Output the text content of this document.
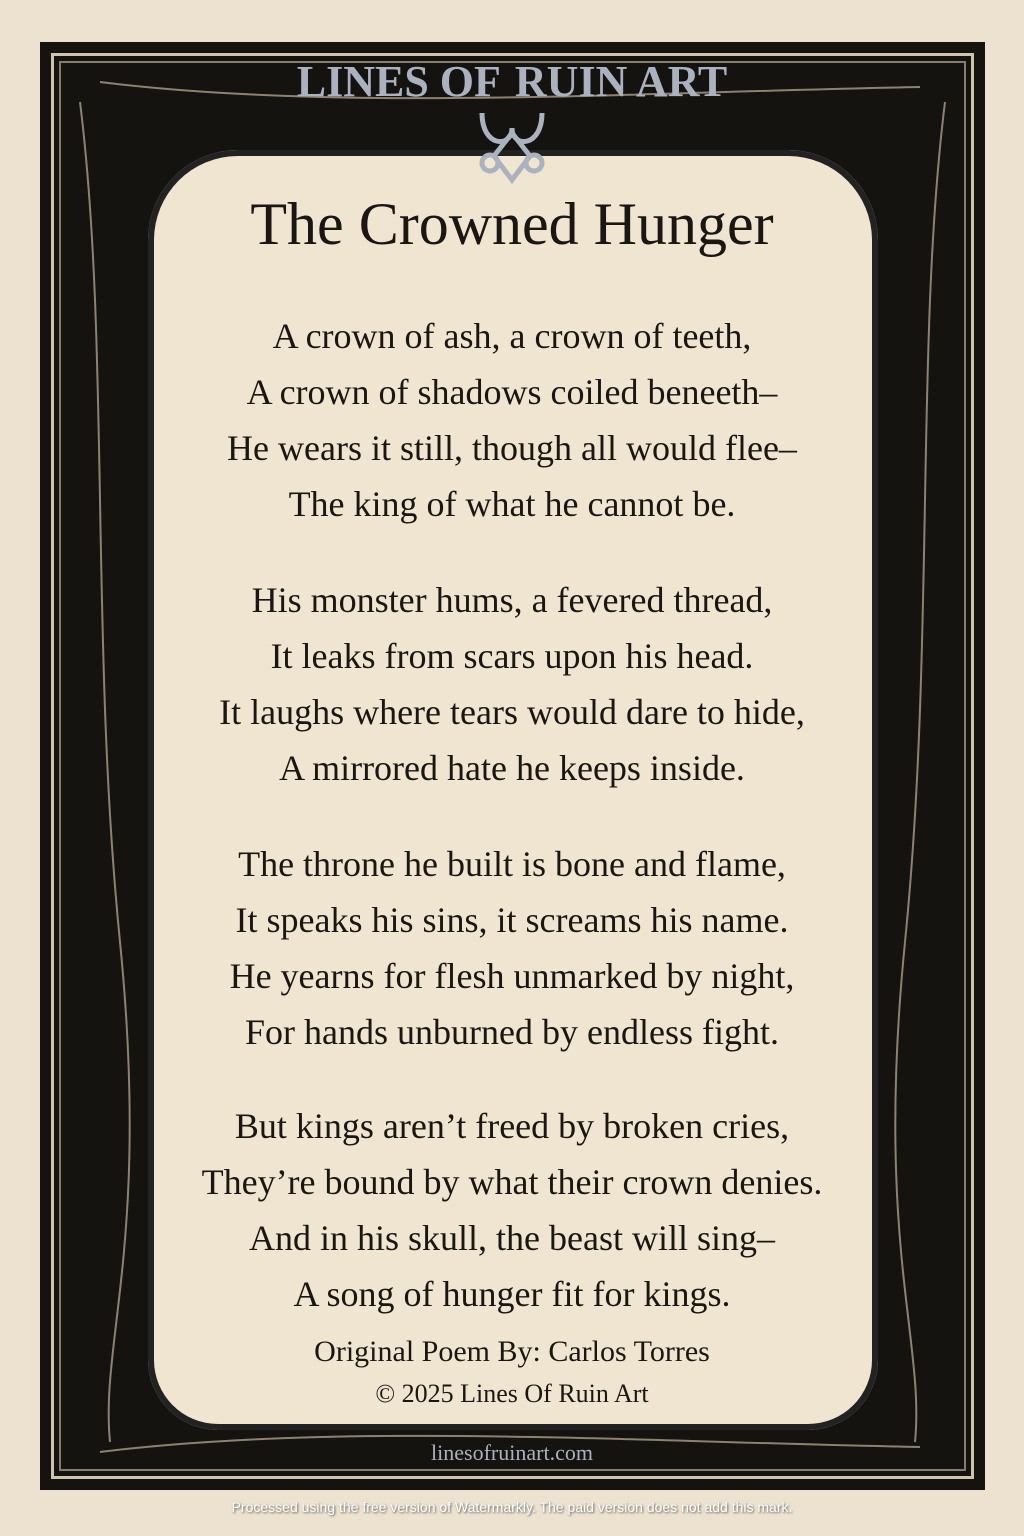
LINES OF RUIN ART
The Crowned Hunger
A crown of ash, a crown of teeth,
A crown of shadows coiled beneeth–
He wears it still, though all would flee–
The king of what he cannot be.
His monster hums, a fevered thread,
It leaks from scars upon his head.
It laughs where tears would dare to hide,
A mirrored hate he keeps inside.
The throne he built is bone and flame,
It speaks his sins, it screams his name.
He yearns for flesh unmarked by night,
For hands unburned by endless fight.
But kings aren’t freed by broken cries,
They’re bound by what their crown denies.
And in his skull, the beast will sing–
A song of hunger fit for kings.
Original Poem By: Carlos Torres
© 2025 Lines Of Ruin Art
linesofruinart.com
Processed using the free version of Watermarkly. The paid version does not add this mark.
